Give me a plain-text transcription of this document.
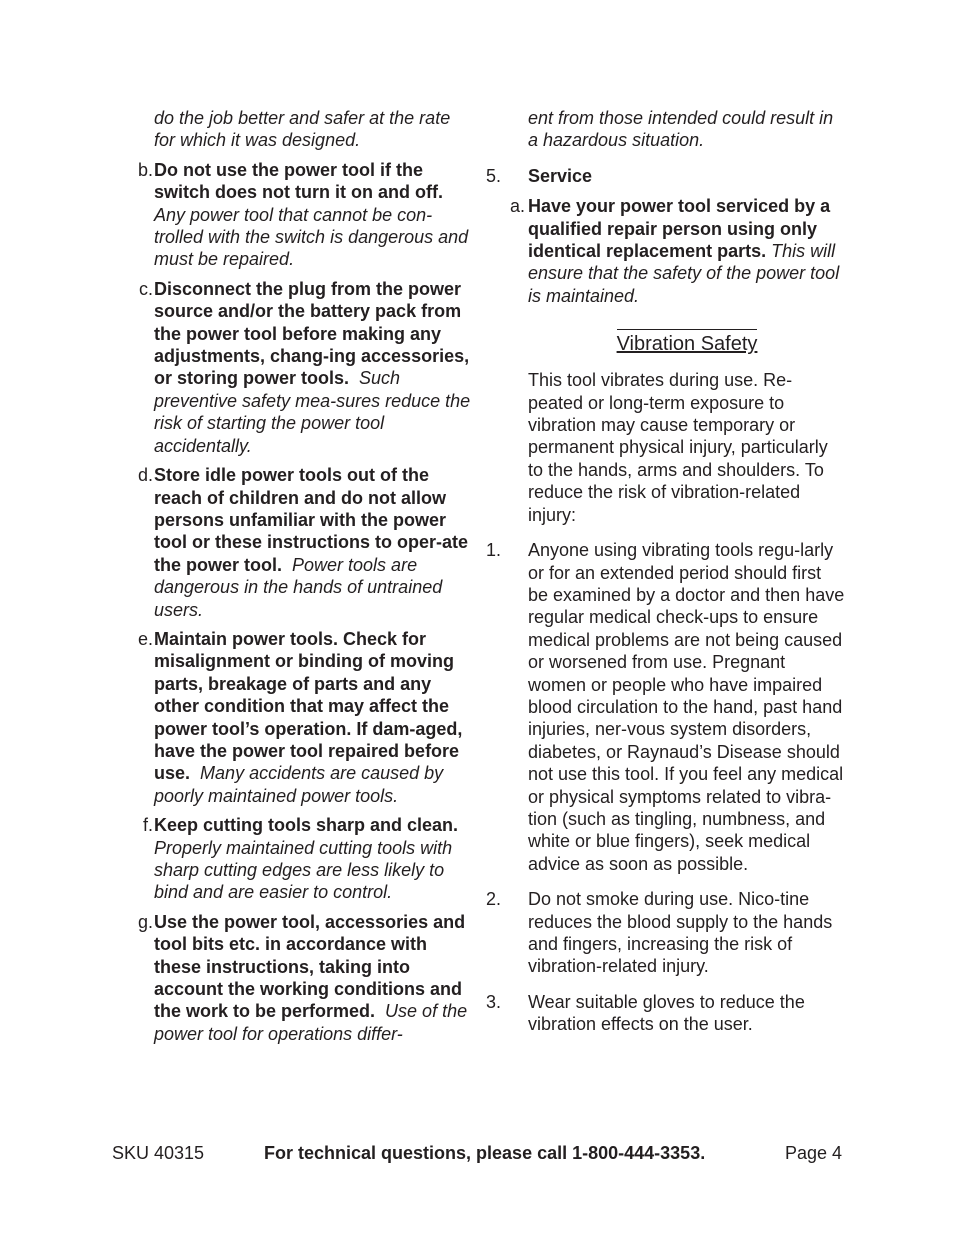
do the job better and safer at the rate for which it was designed.
b. Do not use the power tool if the switch does not turn it on and off. Any power tool that cannot be con-trolled with the switch is dangerous and must be repaired.
c. Disconnect the plug from the power source and/or the battery pack from the power tool before making any adjustments, chang-ing accessories, or storing power tools. Such preventive safety mea-sures reduce the risk of starting the power tool accidentally.
d. Store idle power tools out of the reach of children and do not allow persons unfamiliar with the power tool or these instructions to oper-ate the power tool. Power tools are dangerous in the hands of untrained users.
e. Maintain power tools. Check for misalignment or binding of moving parts, breakage of parts and any other condition that may affect the power tool’s operation. If dam-aged, have the power tool repaired before use. Many accidents are caused by poorly maintained power tools.
f. Keep cutting tools sharp and clean.  Properly maintained cutting tools with sharp cutting edges are less likely to bind and are easier to control.
g. Use the power tool, accessories and tool bits etc. in accordance with these instructions, taking into account the working conditions and the work to be performed. Use of the power tool for operations differ-
ent from those intended could result in a hazardous situation.
5. Service
a. Have your power tool serviced by a qualified repair person using only identical replacement parts. This will ensure that the safety of the power tool is maintained.
Vibration Safety
This tool vibrates during use. Re-peated or long-term exposure to vibration may cause temporary or permanent physical injury, particularly to the hands, arms and shoulders. To reduce the risk of vibration-related injury:
1. Anyone using vibrating tools regu-larly or for an extended period should first be examined by a doctor and then have regular medical check-ups to ensure medical problems are not being caused or worsened from use. Pregnant women or people who have impaired blood circulation to the hand, past hand injuries, ner-vous system disorders, diabetes, or Raynaud’s Disease should not use this tool. If you feel any medical or physical symptoms related to vibra-tion (such as tingling, numbness, and white or blue fingers), seek medical advice as soon as possible.
2. Do not smoke during use. Nico-tine reduces the blood supply to the hands and fingers, increasing the risk of vibration-related injury.
3. Wear suitable gloves to reduce the vibration effects on the user.
SKU 40315	For technical questions, please call 1-800-444-3353.	Page 4
